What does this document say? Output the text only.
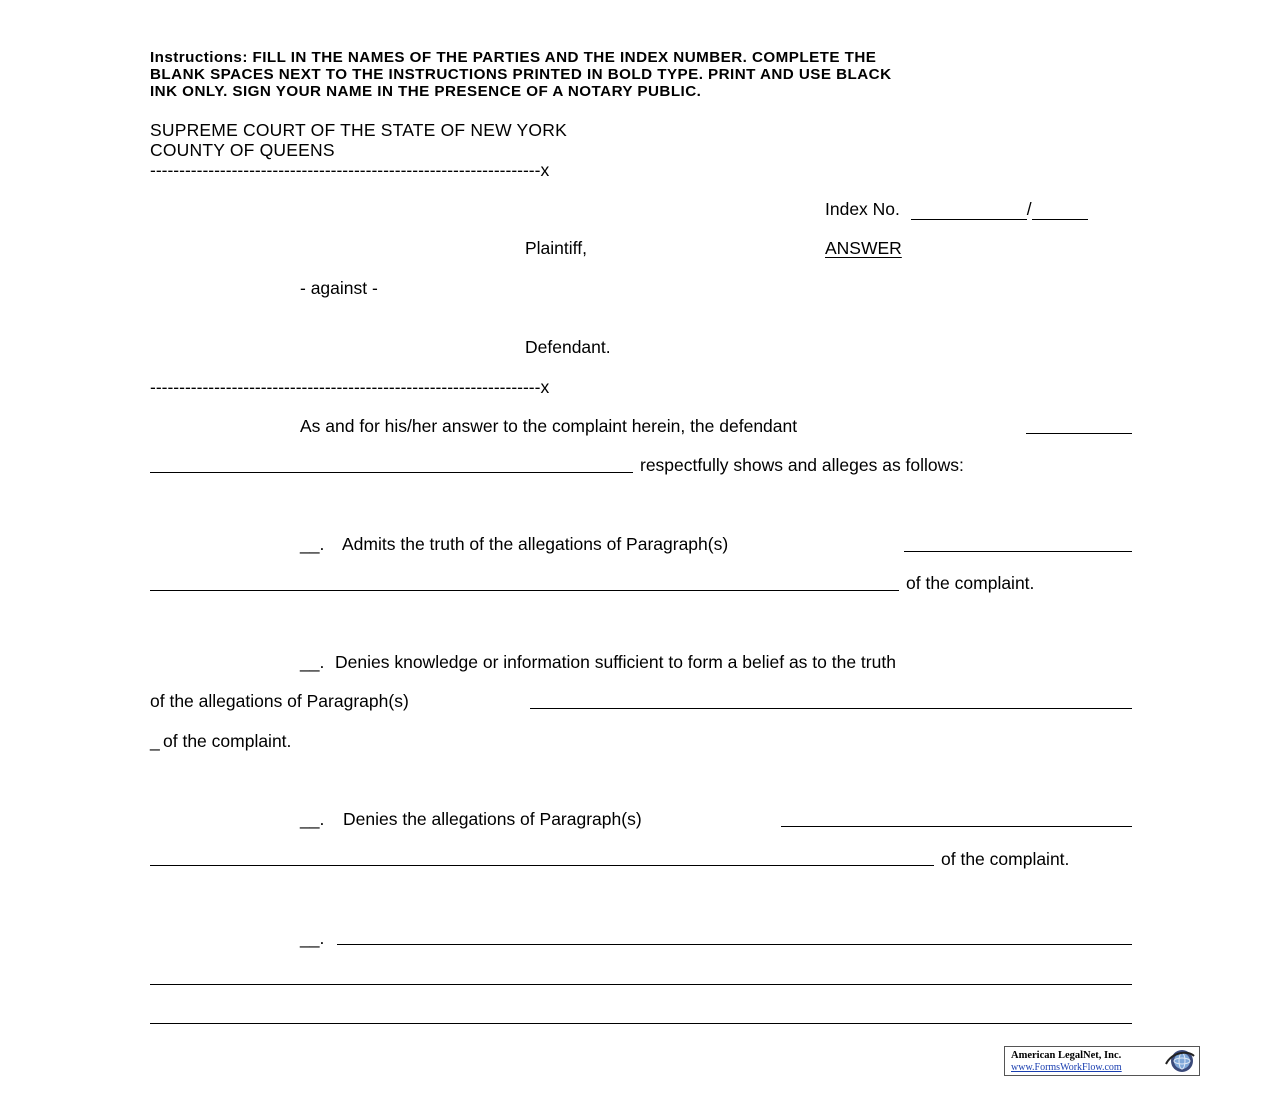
Instructions: FILL IN THE NAMES OF THE PARTIES AND THE INDEX NUMBER. COMPLETE THE
BLANK SPACES NEXT TO THE INSTRUCTIONS PRINTED IN BOLD TYPE. PRINT AND USE BLACK
INK ONLY. SIGN YOUR NAME IN THE PRESENCE OF A NOTARY PUBLIC.
SUPREME COURT OF THE STATE OF NEW YORK
COUNTY OF QUEENS
-------------------------------------------------------------------x
Index No.	/
Plaintiff,	ANSWER
- against -
Defendant.
-------------------------------------------------------------------x
As and for his/her answer to the complaint herein, the defendant
respectfully shows and alleges as follows:
__. Admits the truth of the allegations of Paragraph(s)
of the complaint.
__. Denies knowledge or information sufficient to form a belief as to the truth
of the allegations of Paragraph(s)
_ of the complaint.
__. Denies the allegations of Paragraph(s)
of the complaint.
__.
American LegalNet, Inc.
www.FormsWorkFlow.com
